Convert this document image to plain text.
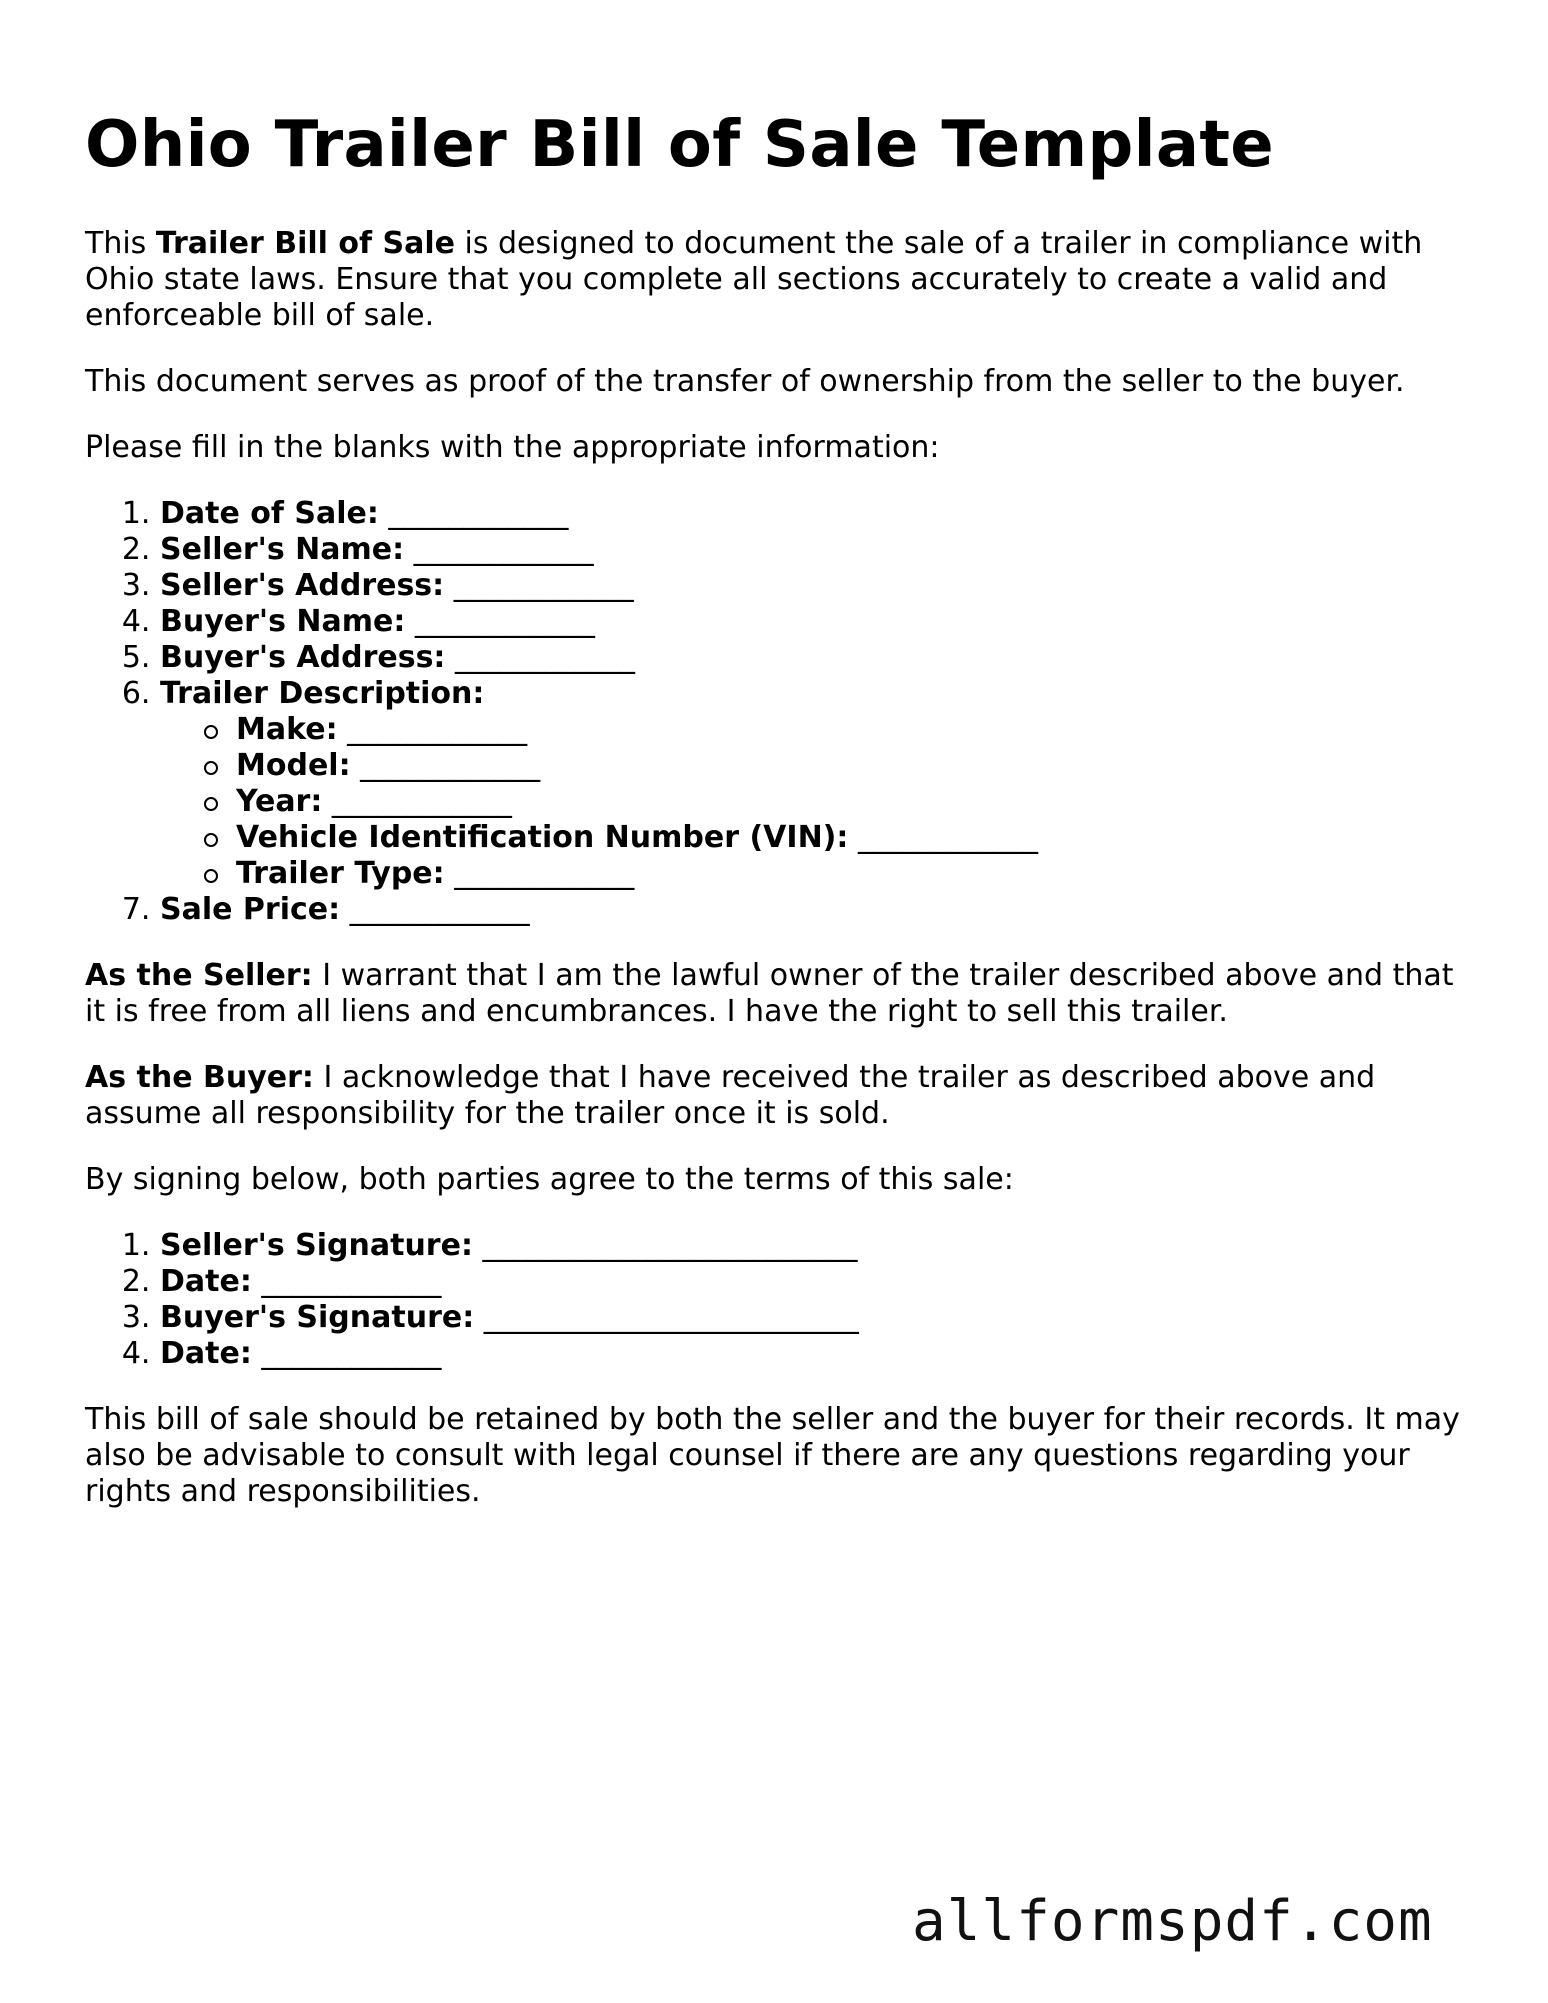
Ohio Trailer Bill of Sale Template

This Trailer Bill of Sale is designed to document the sale of a trailer in compliance with Ohio state laws. Ensure that you complete all sections accurately to create a valid and enforceable bill of sale.

This document serves as proof of the transfer of ownership from the seller to the buyer.

Please fill in the blanks with the appropriate information:

1. Date of Sale: ____________
2. Seller's Name: ____________
3. Seller's Address: ____________
4. Buyer's Name: ____________
5. Buyer's Address: ____________
6. Trailer Description:
Make: ____________
Model: ____________
Year: ____________
Vehicle Identification Number (VIN): ____________
Trailer Type: ____________
7. Sale Price: ____________

As the Seller: I warrant that I am the lawful owner of the trailer described above and that it is free from all liens and encumbrances. I have the right to sell this trailer.

As the Buyer: I acknowledge that I have received the trailer as described above and assume all responsibility for the trailer once it is sold.

By signing below, both parties agree to the terms of this sale:

1. Seller's Signature: _________________________
2. Date: ____________
3. Buyer's Signature: _________________________
4. Date: ____________

This bill of sale should be retained by both the seller and the buyer for their records. It may also be advisable to consult with legal counsel if there are any questions regarding your rights and responsibilities.

allformspdf.com
